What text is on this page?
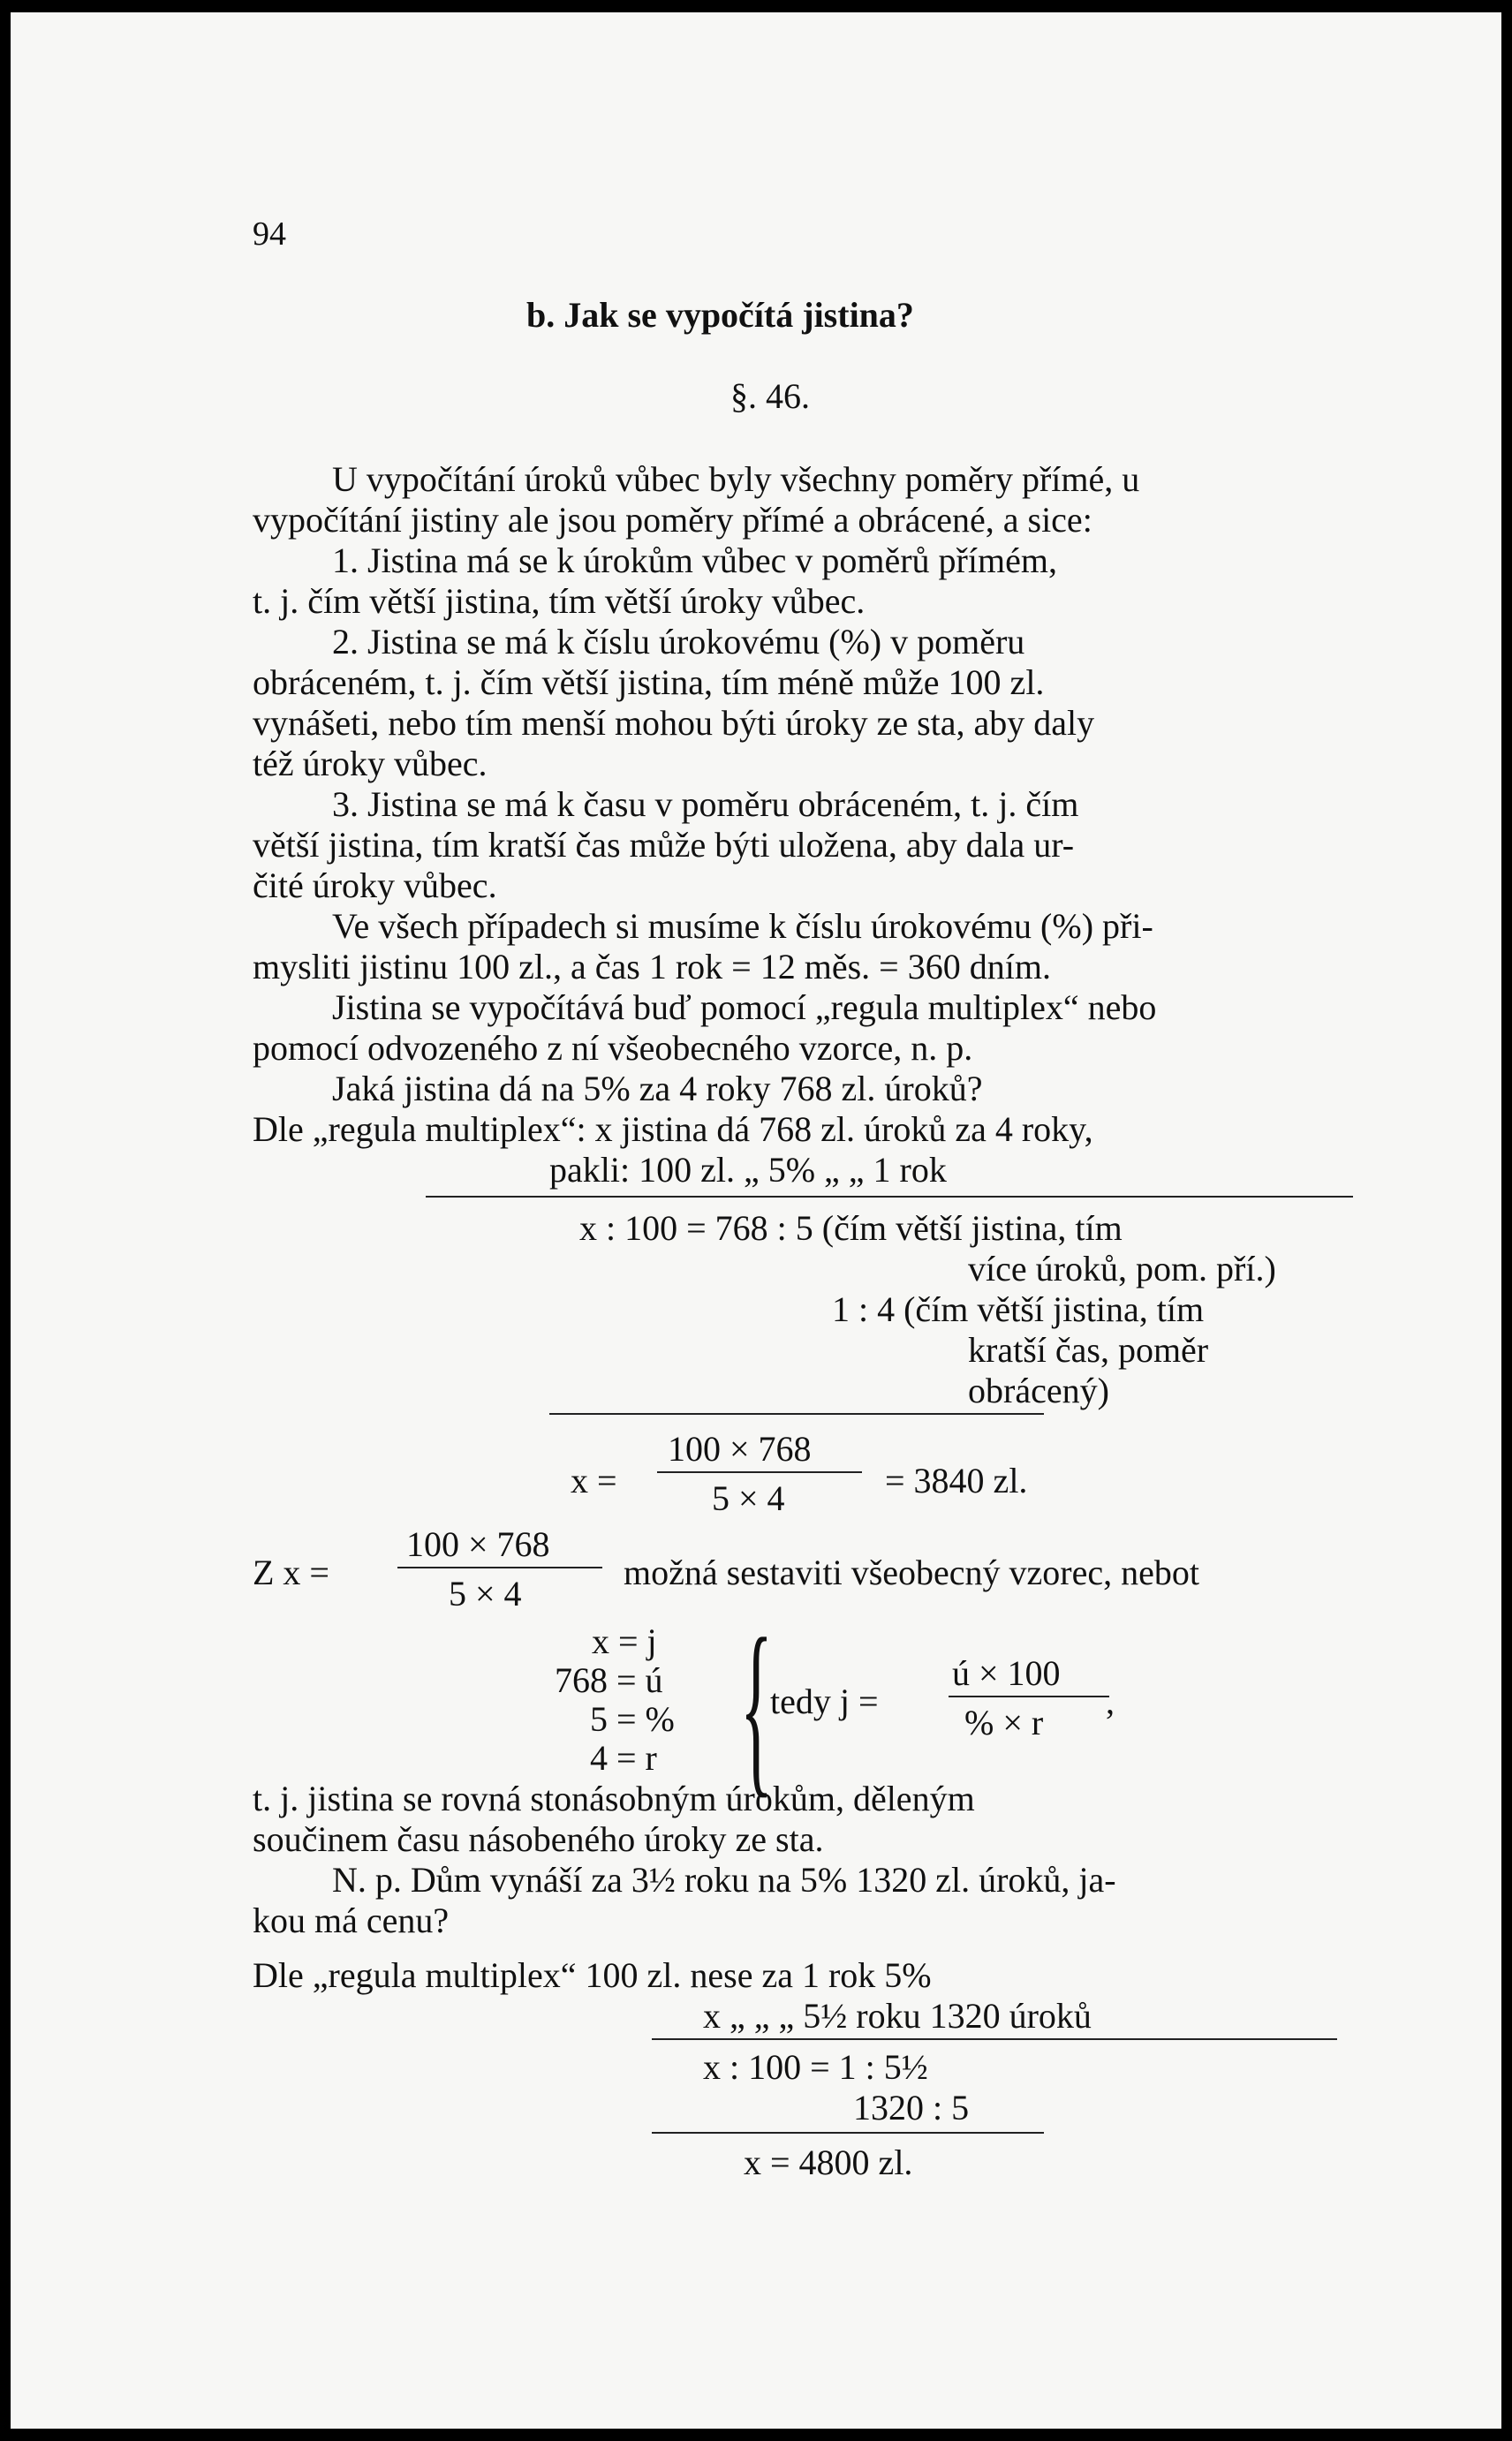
94
b. Jak se vypočítá jistina?
§. 46.
U vypočítání úroků vůbec byly všechny poměry přímé, u
vypočítání jistiny ale jsou poměry přímé a obrácené, a sice:
1. Jistina má se k úrokům vůbec v poměrů přímém,
t. j. čím větší jistina, tím větší úroky vůbec.
2. Jistina se má k číslu úrokovému (%) v poměru
obráceném, t. j. čím větší jistina, tím méně může 100 zl.
vynášeti, nebo tím menší mohou býti úroky ze sta, aby daly
též úroky vůbec.
3. Jistina se má k času v poměru obráceném, t. j. čím
větší jistina, tím kratší čas může býti uložena, aby dala ur-
čité úroky vůbec.
Ve všech případech si musíme k číslu úrokovému (%) při-
mysliti jistinu 100 zl., a čas 1 rok = 12 měs. = 360 dním.
Jistina se vypočítává buď pomocí „regula multiplex“ nebo
pomocí odvozeného z ní všeobecného vzorce, n. p.
Jaká jistina dá na 5% za 4 roky 768 zl. úroků?
Dle „regula multiplex“: x jistina dá 768 zl. úroků za 4 roky,
pakli: 100 zl. „ 5% „ „ 1 rok
x : 100 = 768 : 5 (čím větší jistina, tím
více úroků, pom. pří.)
1 : 4 (čím větší jistina, tím
kratší čas, poměr
obrácený)
x =
100 × 768
5 × 4	= 3840 zl.
Z x =
100 × 768
5 × 4
možná sestaviti všeobecný vzorec, nebot
x = j
768 = ú
5 = %
4 = r {
tedy j =
ú × 100
% × r
,
t. j. jistina se rovná stonásobným úrokům, děleným
součinem času násobeného úroky ze sta.
N. p. Dům vynáší za 3½ roku na 5% 1320 zl. úroků, ja-
kou má cenu?
Dle „regula multiplex“ 100 zl. nese za 1 rok 5%
x „ „ „ 5½ roku 1320 úroků
x : 100 = 1 : 5½
1320 : 5
x = 4800 zl.
